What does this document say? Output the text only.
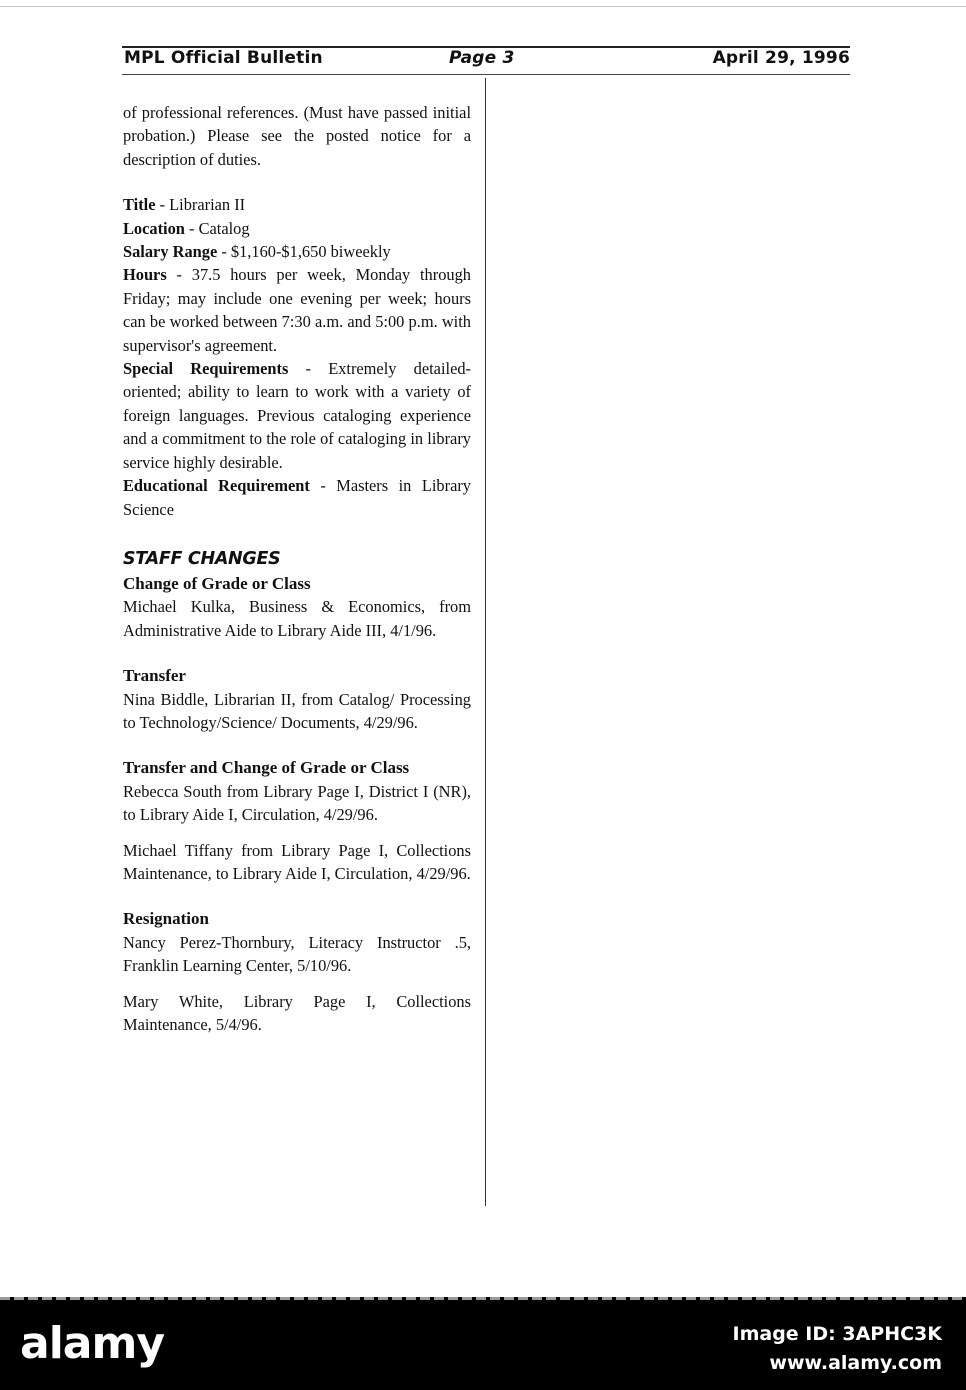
MPL Official Bulletin	Page 3	April 29, 1996

of professional references. (Must have passed initial probation.) Please see the posted notice for a description of duties.

Title - Librarian II

Location - Catalog

Salary Range - $1,160-$1,650 biweekly

Hours - 37.5 hours per week, Monday through Friday; may include one evening per week; hours can be worked between 7:30 a.m. and 5:00 p.m. with supervisor's agreement.

Special Requirements - Extremely detailed-oriented; ability to learn to work with a variety of foreign languages. Previous cataloging experience and a commitment to the role of cataloging in library service highly desirable.

Educational Requirement - Masters in Library Science

STAFF CHANGES

Change of Grade or Class

Michael Kulka, Business & Economics, from Administrative Aide to Library Aide III, 4/1/96.

Transfer

Nina Biddle, Librarian II, from Catalog/ Processing to Technology/Science/ Documents, 4/29/96.

Transfer and Change of Grade or Class

Rebecca South from Library Page I, District I (NR), to Library Aide I, Circulation, 4/29/96.

Michael Tiffany from Library Page I, Collections Maintenance, to Library Aide I, Circulation, 4/29/96.

Resignation

Nancy Perez-Thornbury, Literacy Instructor .5, Franklin Learning Center, 5/10/96.

Mary White, Library Page I, Collections Maintenance, 5/4/96.

alamy	Image ID: 3APHC3K
www.alamy.com
